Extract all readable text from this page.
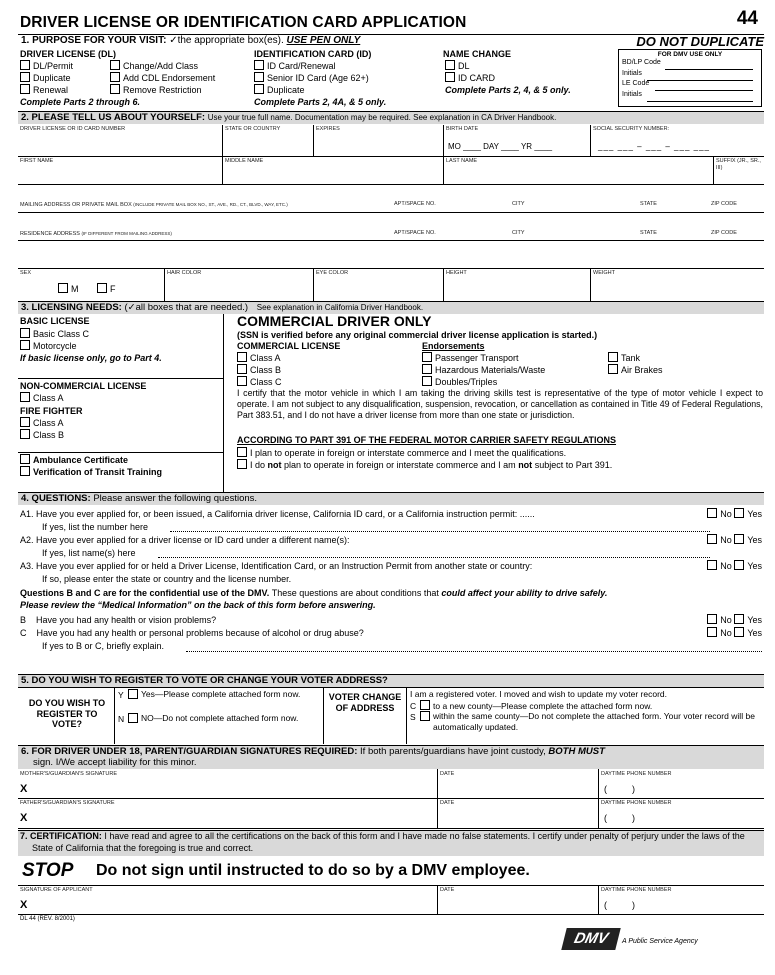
DRIVER LICENSE OR IDENTIFICATION CARD APPLICATION	44
1. PURPOSE FOR YOUR VISIT: ✓the appropriate box(es). USE PEN ONLY	DO NOT DUPLICATE
DRIVER LICENSE (DL)
DL/Permit
Duplicate
Renewal
Change/Add Class
Add CDL Endorsement
Remove Restriction
Complete Parts 2 through 6.
IDENTIFICATION CARD (ID)
ID Card/Renewal
Senior ID Card (Age 62+)
Duplicate
Complete Parts 2, 4A, & 5 only.
NAME CHANGE
DL
ID CARD
Complete Parts 2, 4, & 5 only.
FOR DMV USE ONLY
BD/LP Code
Initials
LE Code
Initials
2. PLEASE TELL US ABOUT YOURSELF: Use your true full name. Documentation may be required. See explanation in CA Driver Handbook.
DRIVER LICENSE OR ID CARD NUMBER	STATE OR COUNTRY	EXPIRES	BIRTH DATE
MO ____ DAY ____ YR ____
SOCIAL SECURITY NUMBER:
___ ___ – ___ – ___ ___
FIRST NAME	MIDDLE NAME	LAST NAME	SUFFIX (JR., SR., III)
MAILING ADDRESS OR PRIVATE MAIL BOX (INCLUDE PRIVATE MAIL BOX NO., ST., AVE., RD., CT., BLVD., WAY, ETC.)	APT/SPACE NO.	CITY	STATE	ZIP CODE
RESIDENCE ADDRESS (IF DIFFERENT FROM MAILING ADDRESS)	APT/SPACE NO.	CITY	STATE	ZIP CODE
SEX
M	F
HAIR COLOR	EYE COLOR	HEIGHT	WEIGHT
3. LICENSING NEEDS: (✓all boxes that are needed.) See explanation in California Driver Handbook.
BASIC LICENSE
Basic Class C
Motorcycle
If basic license only, go to Part 4.
NON-COMMERCIAL LICENSE
Class A
FIRE FIGHTER
Class A
Class B
Ambulance Certificate
Verification of Transit Training
COMMERCIAL DRIVER ONLY
(SSN is verified before any original commercial driver license application is started.)
COMMERCIAL LICENSE
Class A
Class B
Class C
Endorsements
Passenger Transport
Hazardous Materials/Waste
Doubles/Triples
Tank
Air Brakes
I certify that the motor vehicle in which I am taking the driving skills test is representative of the type of motor vehicle I expect to operate. I am not subject to any disqualification, suspension, revocation, or cancellation as contained in Title 49 of Federal Regulations, Part 383.51, and I do not have a driver license from more than one state or jurisdiction.
ACCORDING TO PART 391 OF THE FEDERAL MOTOR CARRIER SAFETY REGULATIONS
I plan to operate in foreign or interstate commerce and I meet the qualifications.
I do not plan to operate in foreign or interstate commerce and I am not subject to Part 391.
4. QUESTIONS: Please answer the following questions.
A1. Have you ever applied for, or been issued, a California driver license, California ID card, or a California instruction permit: ......	No Yes
If yes, list the number here
A2. Have you ever applied for a driver license or ID card under a different name(s):	No Yes
If yes, list name(s) here
A3. Have you ever applied for or held a Driver License, Identification Card, or an Instruction Permit from another state or country:	No Yes
If so, please enter the state or country and the license number.
Questions B and C are for the confidential use of the DMV. These questions are about conditions that could affect your ability to drive safely.
Please review the “Medical Information” on the back of this form before answering.
B Have you had any health or vision problems?	No Yes
C Have you had any health or personal problems because of alcohol or drug abuse?	No Yes
If yes to B or C, briefly explain.
5. DO YOU WISH TO REGISTER TO VOTE OR CHANGE YOUR VOTER ADDRESS?
DO YOU WISH TO REGISTER TO VOTE?
Y Yes—Please complete attached form now.
N NO—Do not complete attached form now.
VOTER CHANGE OF ADDRESS
I am a registered voter. I moved and wish to update my voter record.
C to a new county—Please complete the attached form now.
S within the same county—Do not complete the attached form. Your voter record will be automatically updated.
6. FOR DRIVER UNDER 18, PARENT/GUARDIAN SIGNATURES REQUIRED: If both parents/guardians have joint custody, BOTH MUST
sign. I/We accept liability for this minor.
MOTHER'S/GUARDIAN'S SIGNATURE
X
DATE	DAYTIME PHONE NUMBER
(          )
FATHER'S/GUARDIAN'S SIGNATURE
X
DATE	DAYTIME PHONE NUMBER
(          )
7. CERTIFICATION: I have read and agree to all the certifications on the back of this form and I have made no false statements. I certify under penalty of perjury under the laws of the State of California that the foregoing is true and correct.
STOP Do not sign until instructed to do so by a DMV employee.
SIGNATURE OF APPLICANT
X
DATE	DAYTIME PHONE NUMBER
(          )
DL 44 (REV. 8/2001)
DMV	A Public Service Agency
